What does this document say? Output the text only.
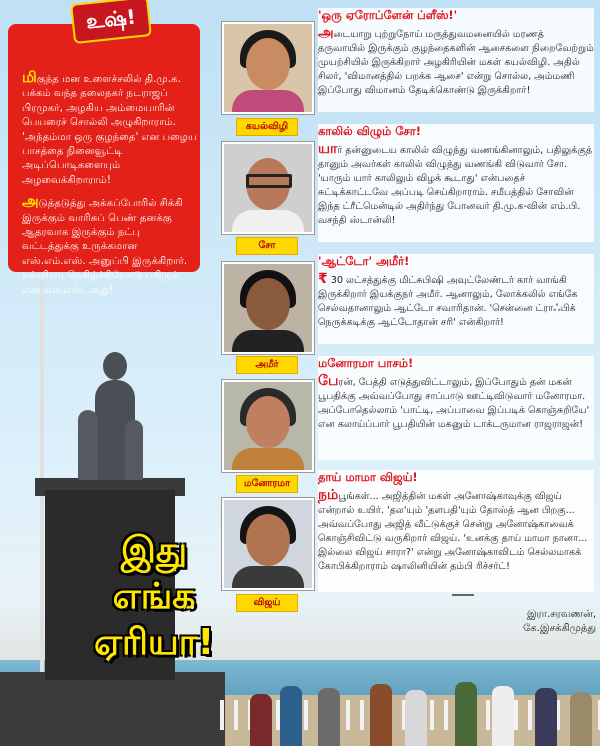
மிகுந்த மன உளைச்சலில் தி.மு.க. பக்கம் வந்த தலைநகர் நடராஜப் பிரமுகர், அழகிய அம்மையாரின் பெயரைச் சொல்லி அழுகிறாராம். 'அந்தம்மா ஒரு குழந்தை' என பழைய பாசத்தை நினைவூட்டி அடிப்பொடிகளையும் அழவைக்கிறாராம்!

அடுத்தடுத்து அக்கப்போரில் சிக்கி இருக்கும் வாரிசுப் பெண் தனக்கு ஆதரவாக இருக்கும் நட்பு வட்டத்துக்கு உருக்கமான எஸ்.எம்.எஸ். அனுப்பி இருக்கிறார். நள்ளிரவு நெகிழ்ச்சியோடு பகிரும் எஸ்.எம்.எஸ். அது!

உஷ்!
இது
எங்க
ஏரியா!
கயல்விழி
சோ
அமீர்
மனோரமா
விஜய்

'ஒரு ஏரோப்ளேன் ப்ளீஸ்!'

அடையாறு புற்றுநோய் மருத்துவமனையில் மரணத் தருவாயில் இருக்கும் குழந்தைகளின் ஆசைகளை நிறைவேற்றும் முயற்சியில் இருக்கிறார் அழகிரியின் மகள் கயல்விழி. அதில் சிலர், 'விமானத்தில் பறக்க ஆசை' என்று சொல்ல, அம்மணி இப்போது விமானம் தேடிக்கொண்டு இருக்கிறார்!

காலில் விழும் சோ!

யார் தன்னுடைய காலில் விழுந்து வணங்கினாலும், பதிலுக்குத் தானும் அவர்கள் காலில் விழுந்து வணங்கி விடுவார் சோ. 'யாரும் யார் காலிலும் விழக் கூடாது' என்பதைச் சுட்டிக்காட்டவே அப்படி செய்கிறாராம். சமீபத்தில் சோவின் இந்த ட்ரீட்மென்டில் அதிர்ந்து போனவர் தி.மு.க-வின் எம்.பி. வசந்தி ஸ்டான்லி!

'ஆட்டோ' அமீர்!

₹ 30 லட்சத்துக்கு மிட்சுபிஷி அவுட்லேண்டர் கார் வாங்கி இருக்கிறார் இயக்குநர் அமீர். ஆனாலும், லோக்கலில் எங்கே செல்வதானாலும் ஆட்டோ சவாரிதான். 'சென்னை ட்ராஃபிக் நெருக்கடிக்கு ஆட்டோதான் சரி' என்கிறார்!

மனோரமா பாசம்!

பேரன், பேத்தி எடுத்துவிட்டாலும், இப்போதும் தன் மகன் பூபதிக்கு அவ்வப்போது சாப்பாடு ஊட்டிவிடுவார் மனோரமா. அப்போதெல்லாம் 'பாட்டி, அப்பாவை இப்படிக் கொஞ்சுறியே' என கலாய்ப்பார் பூபதியின் மகனும் டாக்டருமான ராஜராஜன்!

தாய் மாமா விஜய்!

நம்பூங்கள்... அஜித்தின் மகள் அனோஷ்காவுக்கு விஜய் என்றால் உயிர். 'தல'யும் 'தளபதி'யும் தோஸ்த் ஆன பிறகு... அவ்வப்போது அஜித் வீட்டுக்குச் சென்று அனோஷ்காவைக் கொஞ்சிவிட்டு வருகிறார் விஜய். 'உனக்கு தாய் மாமா நானா... இல்லை விஜய் சாரா?' என்று அனோஷ்காவிடம் செல்லமாகக் கோபிக்கிறாராம் ஷாலினியின் தம்பி ரிச்சர்ட்!

இரா.சரவணன்,
கே.இசக்கிமுத்து
